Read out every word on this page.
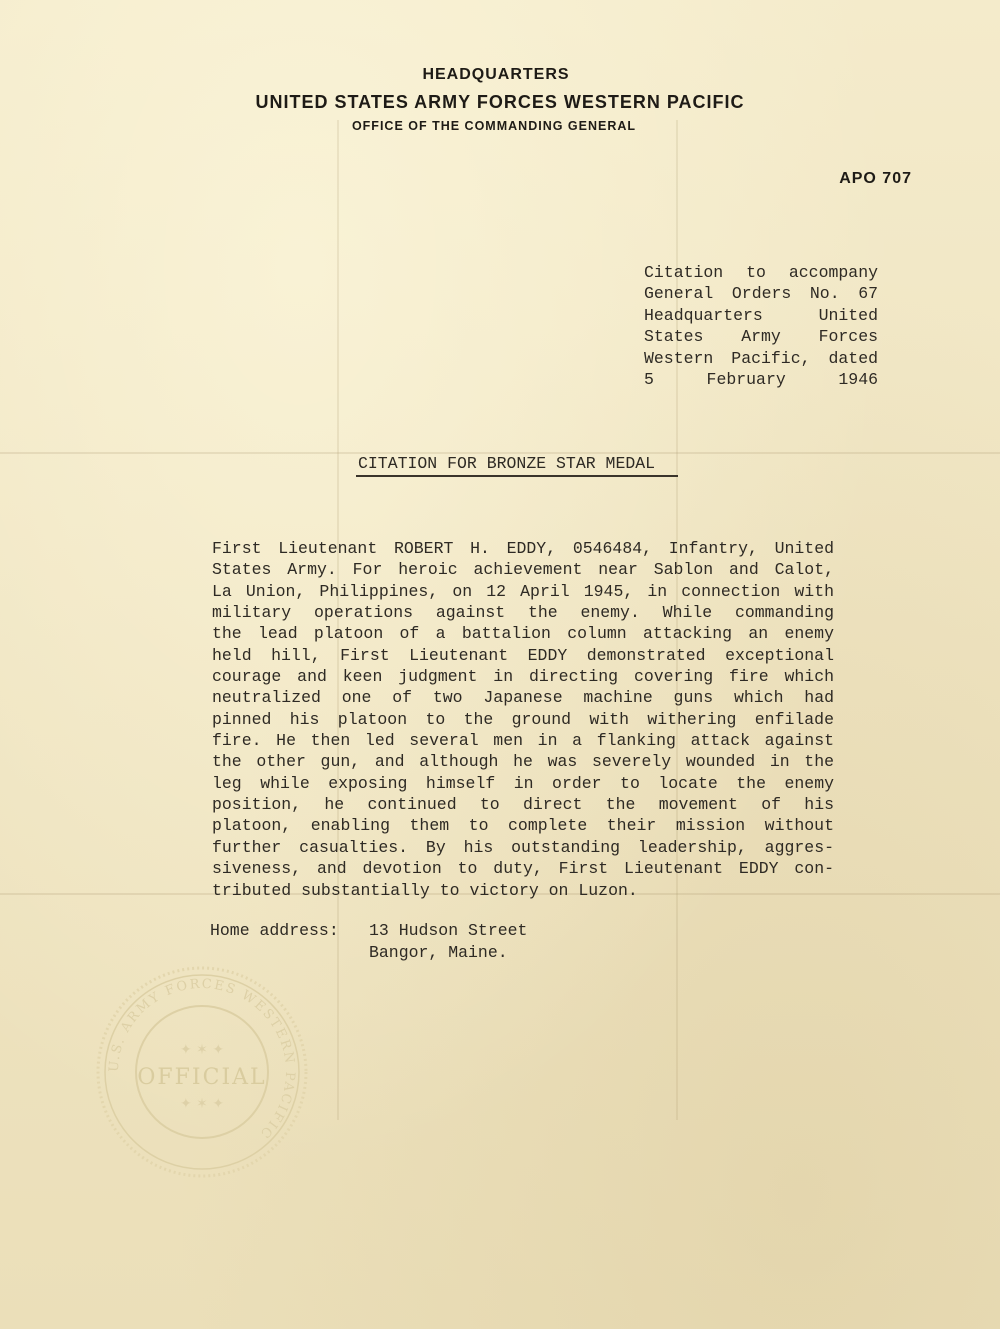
HEADQUARTERS
UNITED STATES ARMY FORCES WESTERN PACIFIC
OFFICE OF THE COMMANDING GENERAL
APO 707
Citation to accompany
General Orders No. 67
Headquarters United
States Army Forces
Western Pacific, dated
5 February 1946
CITATION FOR BRONZE STAR MEDAL
First Lieutenant ROBERT H. EDDY, 0546484, Infantry, United
States Army. For heroic achievement near Sablon and Calot,
La Union, Philippines, on 12 April 1945, in connection with
military operations against the enemy. While commanding
the lead platoon of a battalion column attacking an enemy
held hill, First Lieutenant EDDY demonstrated exceptional
courage and keen judgment in directing covering fire which
neutralized one of two Japanese machine guns which had
pinned his platoon to the ground with withering enfilade
fire. He then led several men in a flanking attack against
the other gun, and although he was severely wounded in the
leg while exposing himself in order to locate the enemy
position, he continued to direct the movement of his
platoon, enabling them to complete their mission without
further casualties. By his outstanding leadership, aggres-
siveness, and devotion to duty, First Lieutenant EDDY con-
tributed substantially to victory on Luzon.
Home address: 13 Hudson Street
Bangor, Maine.
U.S. ARMY FORCES WESTERN PACIFIC
✦ ✶ ✦
OFFICIAL
✦ ✶ ✦
